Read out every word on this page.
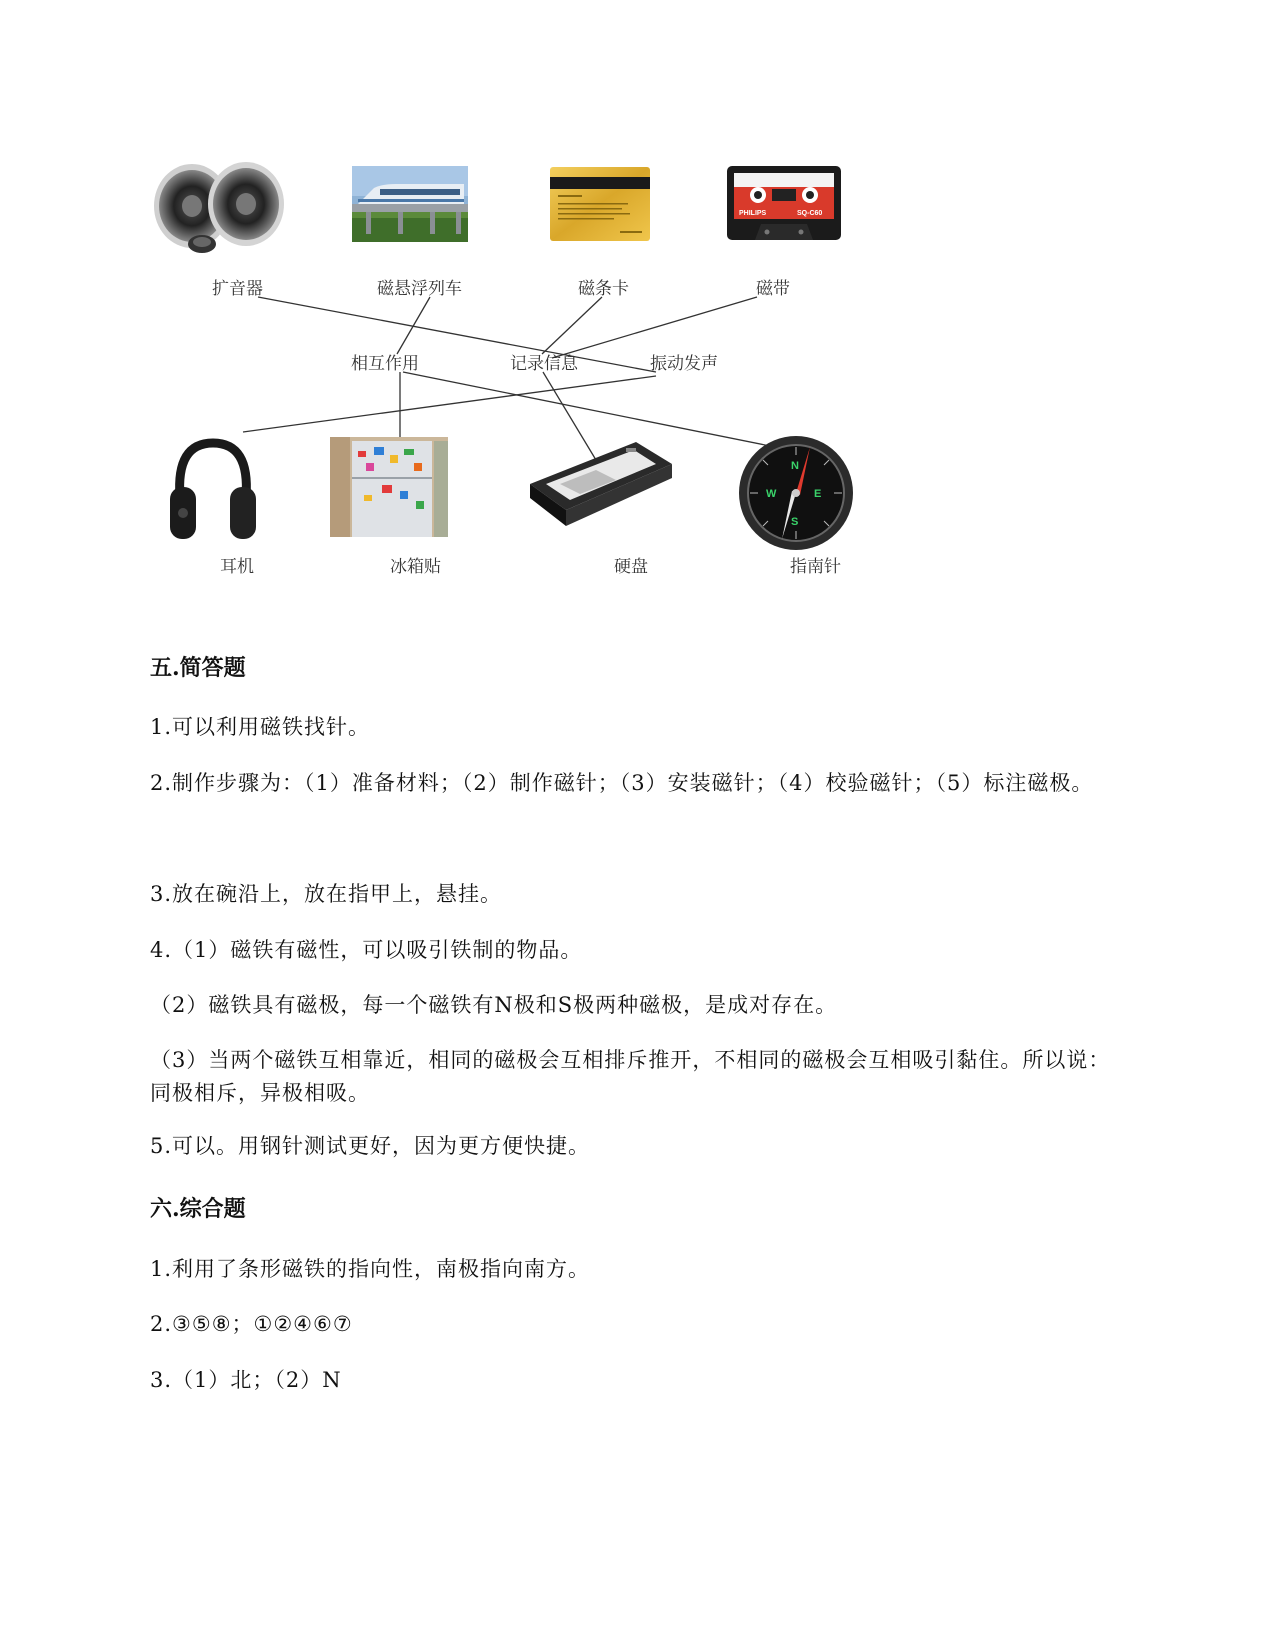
PHILIPS	SQ-C60
扩音器	磁悬浮列车	磁条卡	磁带
相互作用	记录信息	振动发声
N
E
S
W
耳机	冰箱贴	硬盘	指南针
五.简答题
1.可以利用磁铁找针。
2.制作步骤为：（1）准备材料；（2）制作磁针；（3）安装磁针；（4）校验磁针；（5）标注磁极。
3.放在碗沿上，放在指甲上，悬挂。
4.（1）磁铁有磁性，可以吸引铁制的物品。
（2）磁铁具有磁极，每一个磁铁有N极和S极两种磁极，是成对存在。
（3）当两个磁铁互相靠近，相同的磁极会互相排斥推开，不相同的磁极会互相吸引黏住。所以说：同极相斥，异极相吸。
5.可以。用钢针测试更好，因为更方便快捷。
六.综合题
1.利用了条形磁铁的指向性，南极指向南方。
2.③⑤⑧；①②④⑥⑦
3.（1）北；（2）N
